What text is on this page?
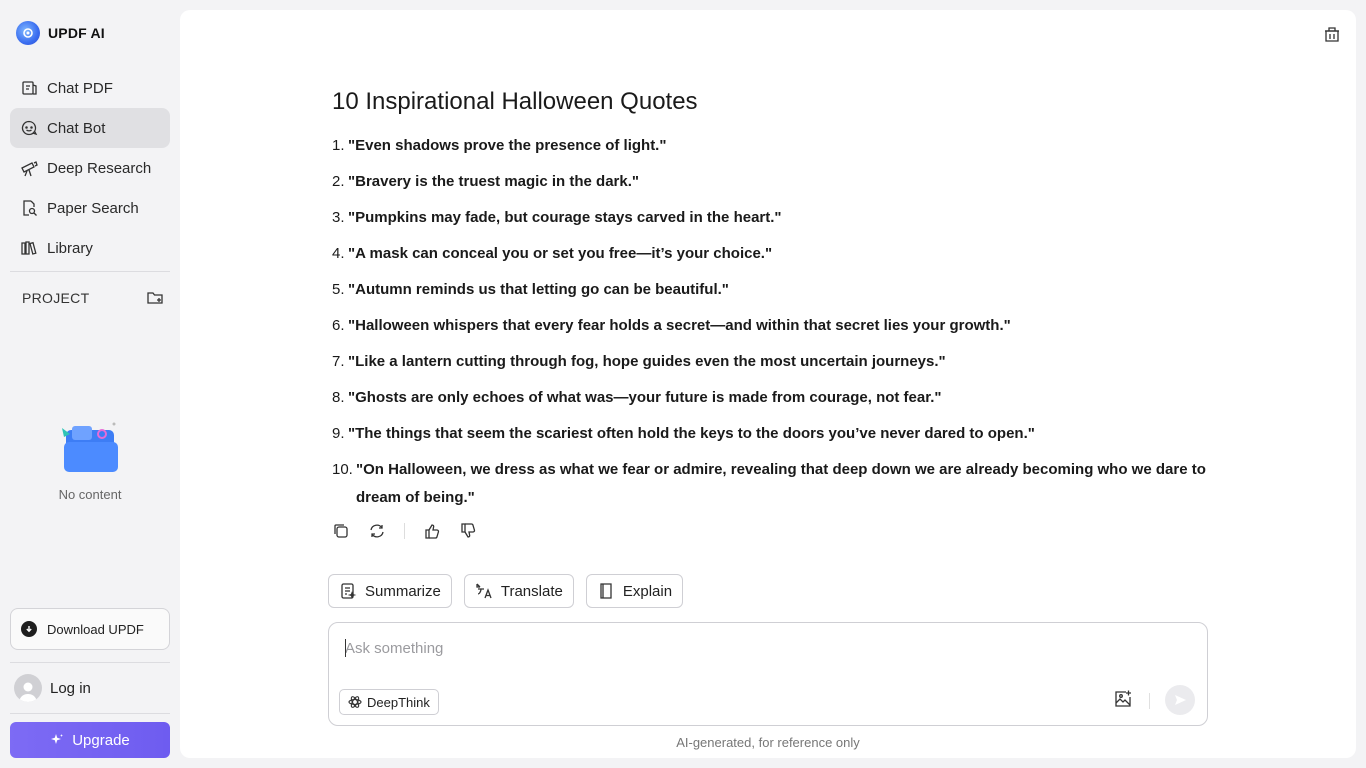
UPDF AI
Chat PDF
Chat Bot
Deep Research
Paper Search
Library
PROJECT
No content
Download UPDF
Log in
Upgrade
10 Inspirational Halloween Quotes
1. "Even shadows prove the presence of light."
2. "Bravery is the truest magic in the dark."
3. "Pumpkins may fade, but courage stays carved in the heart."
4. "A mask can conceal you or set you free—it’s your choice."
5. "Autumn reminds us that letting go can be beautiful."
6. "Halloween whispers that every fear holds a secret—and within that secret lies your growth."
7. "Like a lantern cutting through fog, hope guides even the most uncertain journeys."
8. "Ghosts are only echoes of what was—your future is made from courage, not fear."
9. "The things that seem the scariest often hold the keys to the doors you’ve never dared to open."
10. "On Halloween, we dress as what we fear or admire, revealing that deep down we are already becoming who we dare to dream of being."
Summarize	Translate	Explain
Ask something
DeepThink
AI-generated, for reference only
